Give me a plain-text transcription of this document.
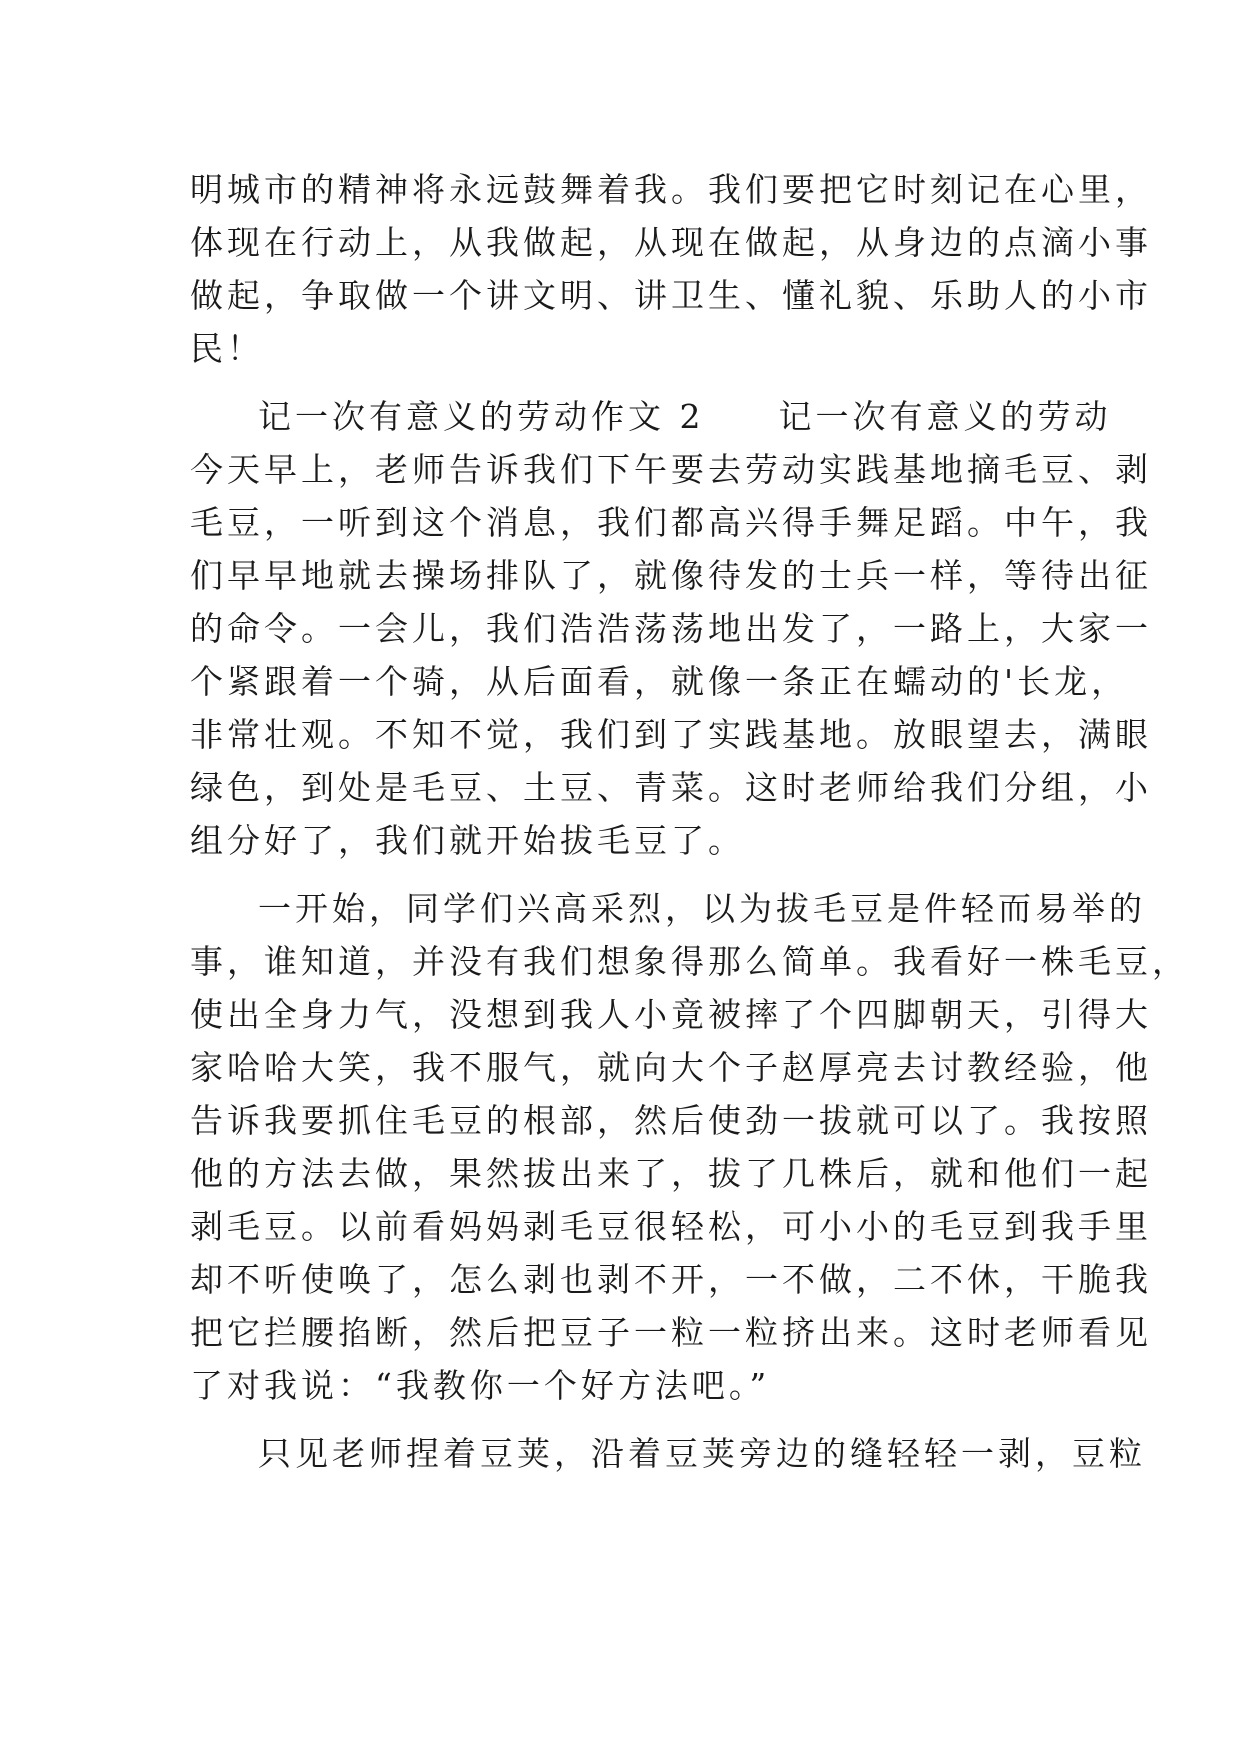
明城市的精神将永远鼓舞着我。我们要把它时刻记在心里，
体现在行动上，从我做起，从现在做起，从身边的点滴小事
做起，争取做一个讲文明、讲卫生、懂礼貌、乐助人的小市
民！
记一次有意义的劳动作文 2　　记一次有意义的劳动
今天早上，老师告诉我们下午要去劳动实践基地摘毛豆、剥
毛豆，一听到这个消息，我们都高兴得手舞足蹈。中午，我
们早早地就去操场排队了，就像待发的士兵一样，等待出征
的命令。一会儿，我们浩浩荡荡地出发了，一路上，大家一
个紧跟着一个骑，从后面看，就像一条正在蠕动的'长龙，
非常壮观。不知不觉，我们到了实践基地。放眼望去，满眼
绿色，到处是毛豆、土豆、青菜。这时老师给我们分组，小
组分好了，我们就开始拔毛豆了。
一开始，同学们兴高采烈，以为拔毛豆是件轻而易举的
事，谁知道，并没有我们想象得那么简单。我看好一株毛豆，
使出全身力气，没想到我人小竟被摔了个四脚朝天，引得大
家哈哈大笑，我不服气，就向大个子赵厚亮去讨教经验，他
告诉我要抓住毛豆的根部，然后使劲一拔就可以了。我按照
他的方法去做，果然拔出来了，拔了几株后，就和他们一起
剥毛豆。以前看妈妈剥毛豆很轻松，可小小的毛豆到我手里
却不听使唤了，怎么剥也剥不开，一不做，二不休，干脆我
把它拦腰掐断，然后把豆子一粒一粒挤出来。这时老师看见
了对我说：“我教你一个好方法吧。”
只见老师捏着豆荚，沿着豆荚旁边的缝轻轻一剥，豆粒
